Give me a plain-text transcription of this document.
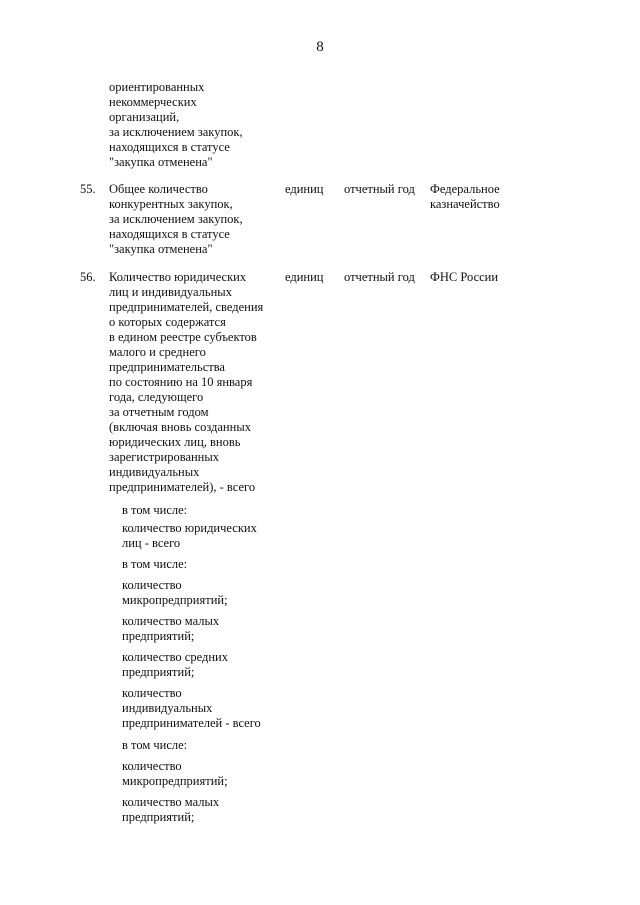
8
ориентированных
некоммерческих
организаций,
за исключением закупок,
находящихся в статусе
"закупка отменена"
55. Общее количество
конкурентных закупок,
за исключением закупок,
находящихся в статусе
"закупка отменена"
единиц отчетный год Федеральное
казначейство
56. Количество юридических
лиц и индивидуальных
предпринимателей, сведения
о которых содержатся
в едином реестре субъектов
малого и среднего
предпринимательства
по состоянию на 10 января
года, следующего
за отчетным годом
(включая вновь созданных
юридических лиц, вновь
зарегистрированных
индивидуальных
предпринимателей), - всего
единиц отчетный год ФНС России
в том числе:
количество юридических
лиц - всего
в том числе:
количество
микропредприятий;
количество малых
предприятий;
количество средних
предприятий;
количество
индивидуальных
предпринимателей - всего
в том числе:
количество
микропредприятий;
количество малых
предприятий;
